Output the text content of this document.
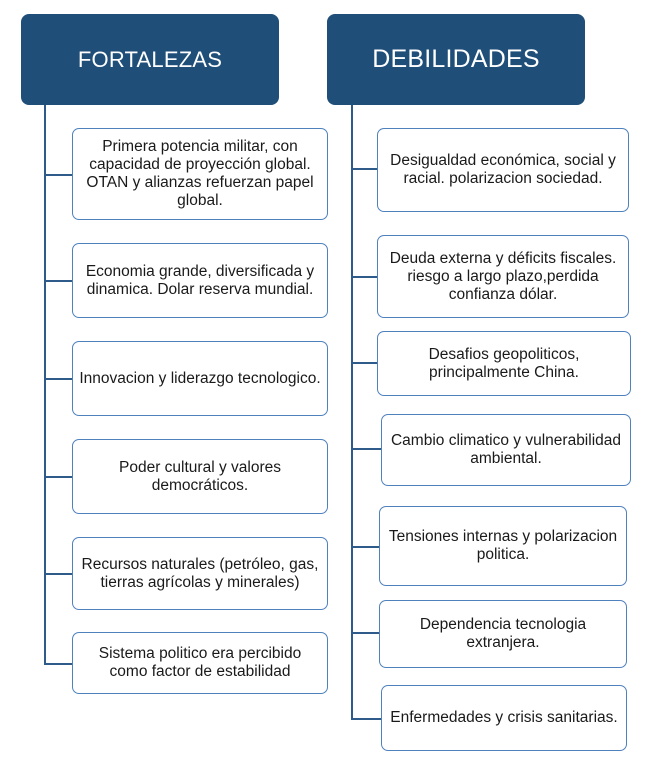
FORTALEZAS	DEBILIDADES
Primera potencia militar, con capacidad de proyección global. OTAN y alianzas refuerzan papel global.
Economia grande, diversificada y dinamica. Dolar reserva mundial.
Innovacion y liderazgo tecnologico.
Poder cultural y valores democráticos.
Recursos naturales (petróleo, gas, tierras agrícolas y minerales)
Sistema politico era percibido como factor de estabilidad
Desigualdad económica, social y racial. polarizacion sociedad.
Deuda externa y déficits fiscales. riesgo a largo plazo,perdida confianza dólar.
Desafios geopoliticos, principalmente China.
Cambio climatico y vulnerabilidad ambiental.
Tensiones internas y polarizacion politica.
Dependencia tecnologia extranjera.
Enfermedades y crisis sanitarias.
